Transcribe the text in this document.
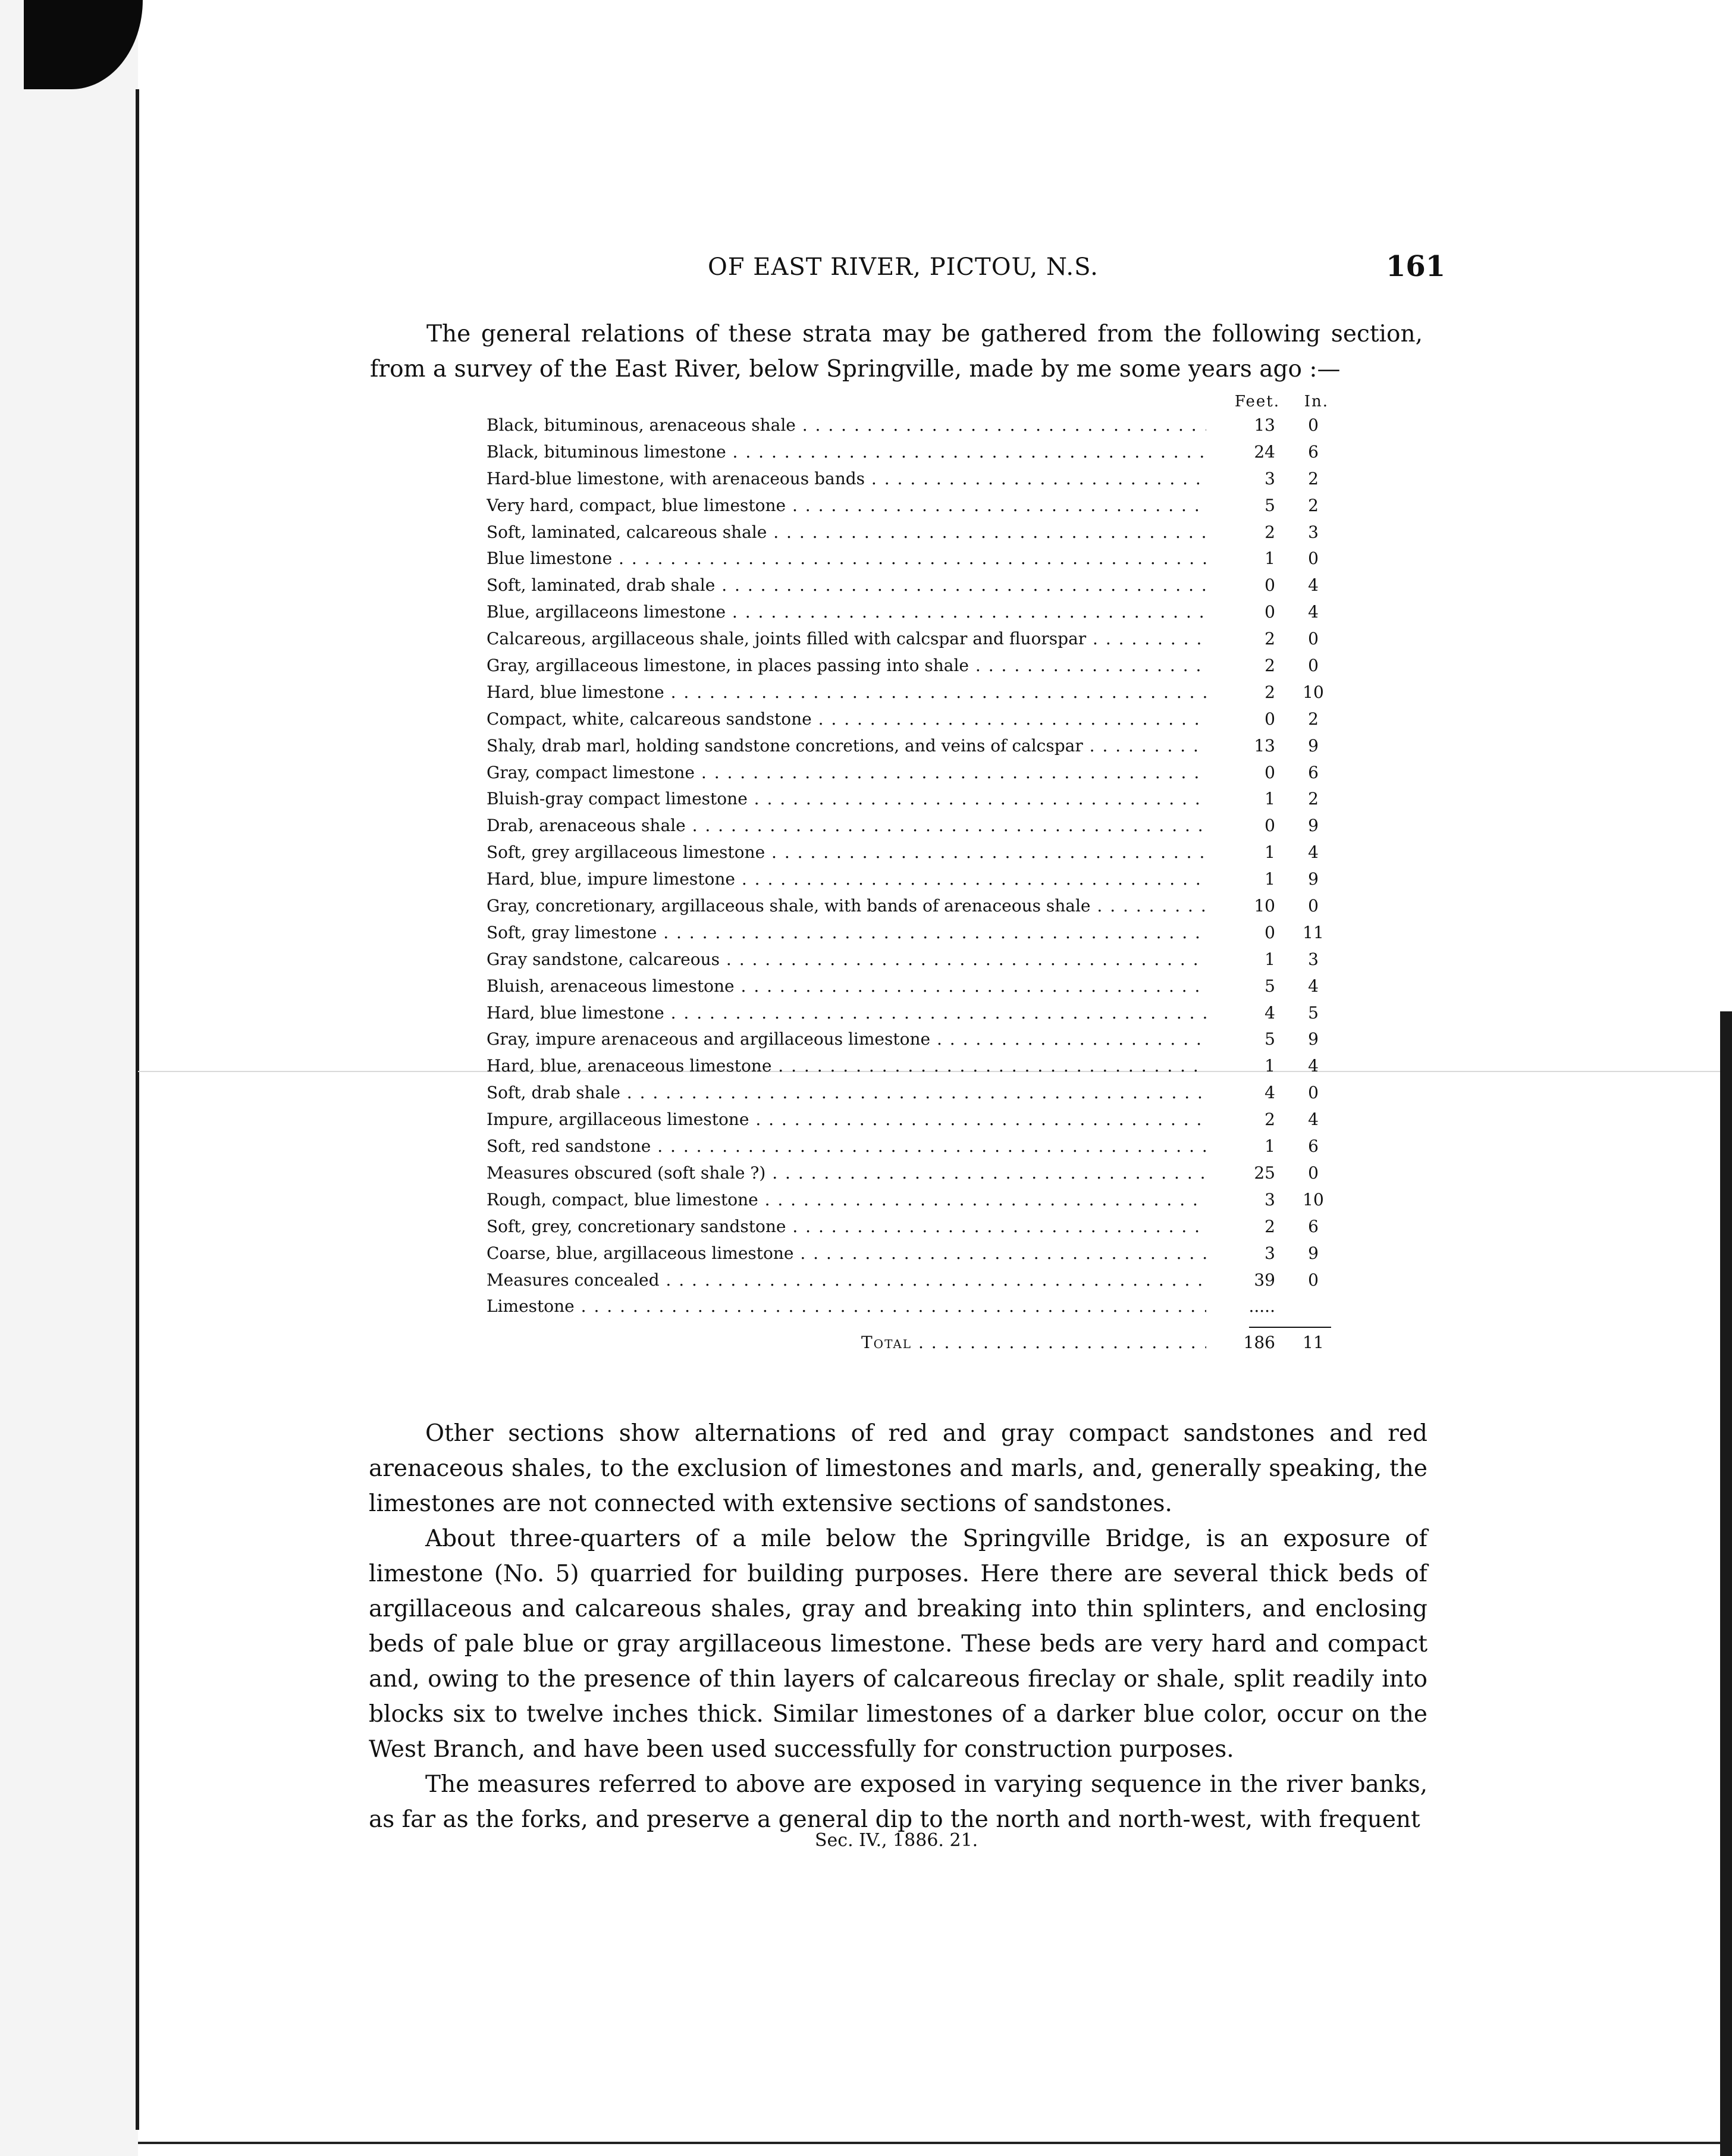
OF EAST RIVER, PICTOU, N.S.	161
The general relations of these strata may be gathered from the following section, from a survey of the East River, below Springville, made by me some years ago :—
Feet. In.
Black, bituminous, arenaceous shale . . .	13	0
Black, bituminous limestone . . .	24	6
Hard-blue limestone, with arenaceous bands . . .	3	2
Very hard, compact, blue limestone . . .	5	2
Soft, laminated, calcareous shale . . .	2	3
Blue limestone . . .	1	0
Soft, laminated, drab shale . . .	0	4
Blue, argillaceons limestone . . .	0	4
Calcareous, argillaceous shale, joints filled with calcspar and fluorspar . . .	2	0
Gray, argillaceous limestone, in places passing into shale . . .	2	0
Hard, blue limestone . . .	2	10
Compact, white, calcareous sandstone . . .	0	2
Shaly, drab marl, holding sandstone concretions, and veins of calcspar . . .	13	9
Gray, compact limestone . . .	0	6
Bluish-gray compact limestone . . .	1	2
Drab, arenaceous shale . . .	0	9
Soft, grey argillaceous limestone . . .	1	4
Hard, blue, impure limestone . . .	1	9
Gray, concretionary, argillaceous shale, with bands of arenaceous shale . . .	10	0
Soft, gray limestone . . .	0	11
Gray sandstone, calcareous . . .	1	3
Bluish, arenaceous limestone . . .	5	4
Hard, blue limestone . . .	4	5
Gray, impure arenaceous and argillaceous limestone . . .	5	9
Hard, blue, arenaceous limestone . . .	1	4
Soft, drab shale . . .	4	0
Impure, argillaceous limestone . . .	2	4
Soft, red sandstone . . .	1	6
Measures obscured (soft shale ?) . . .	25	0
Rough, compact, blue limestone . . .	3	10
Soft, grey, concretionary sandstone . . .	2	6
Coarse, blue, argillaceous limestone . . .	3	9
Measures concealed . . .	39	0
Limestone . . .	.....
Total . . .	186	11
Other sections show alternations of red and gray compact sandstones and red arenaceous shales, to the exclusion of limestones and marls, and, generally speaking, the limestones are not connected with extensive sections of sandstones.
About three-quarters of a mile below the Springville Bridge, is an exposure of limestone (No. 5) quarried for building purposes. Here there are several thick beds of argillaceous and calcareous shales, gray and breaking into thin splinters, and enclosing beds of pale blue or gray argillaceous limestone. These beds are very hard and compact and, owing to the presence of thin layers of calcareous fireclay or shale, split readily into blocks six to twelve inches thick. Similar limestones of a darker blue color, occur on the West Branch, and have been used successfully for construction purposes.
The measures referred to above are exposed in varying sequence in the river banks, as far as the forks, and preserve a general dip to the north and north-west, with frequent
Sec. IV., 1886. 21.
